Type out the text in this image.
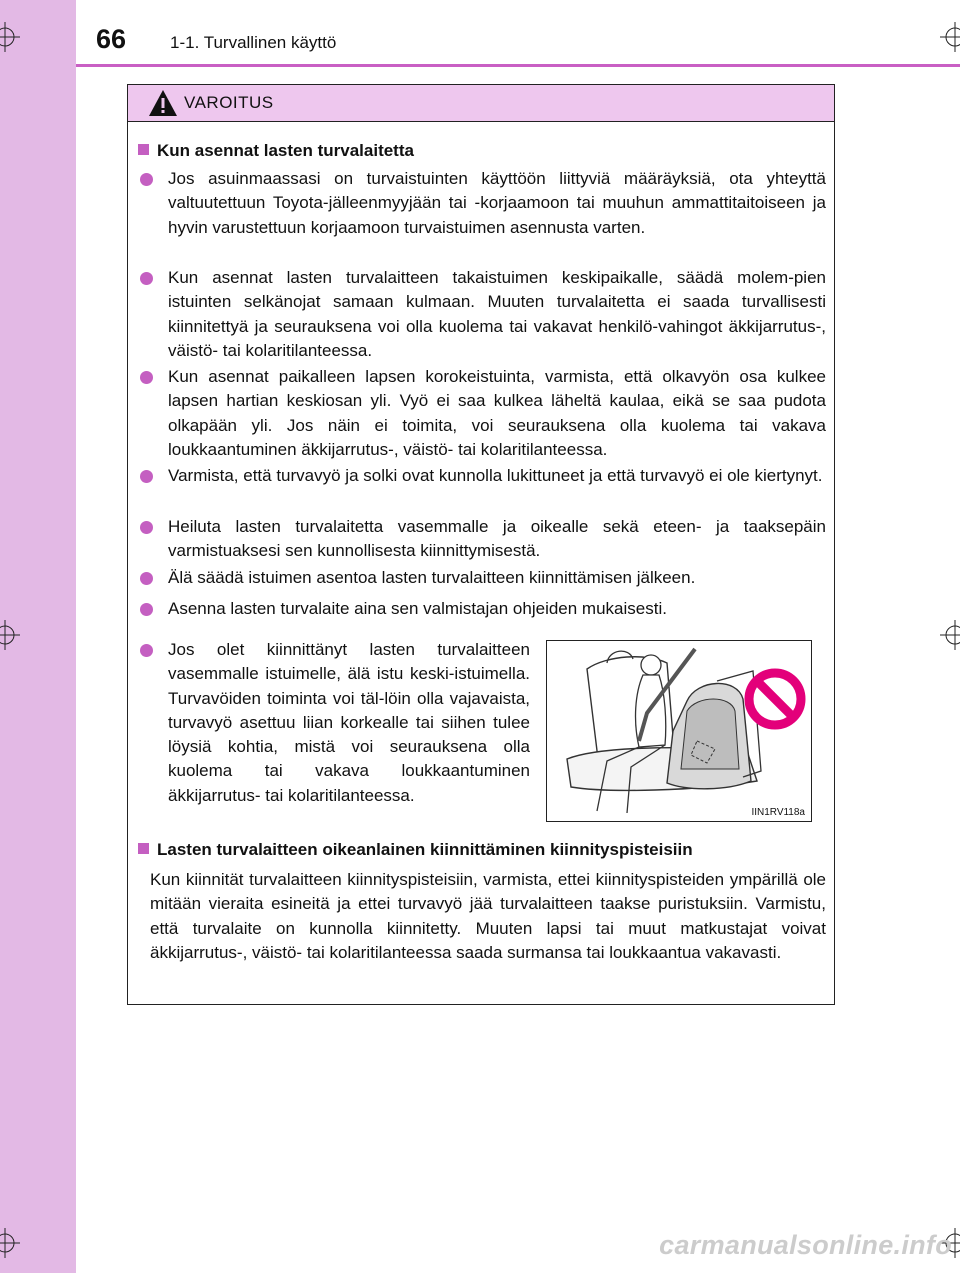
66	1-1. Turvallinen käyttö
VAROITUS
Kun asennat lasten turvalaitetta
Jos asuinmaassasi on turvaistuinten käyttöön liittyviä määräyksiä, ota yhteyttä valtuutettuun Toyota-jälleenmyyjään tai -korjaamoon tai muuhun ammattitaitoiseen ja hyvin varustettuun korjaamoon turvaistuimen asennusta varten.
Kun asennat lasten turvalaitteen takaistuimen keskipaikalle, säädä molem-pien istuinten selkänojat samaan kulmaan. Muuten turvalaitetta ei saada turvallisesti kiinnitettyä ja seurauksena voi olla kuolema tai vakavat henkilö-vahingot äkkijarrutus-, väistö- tai kolaritilanteessa.
Kun asennat paikalleen lapsen korokeistuinta, varmista, että olkavyön osa kulkee lapsen hartian keskiosan yli. Vyö ei saa kulkea läheltä kaulaa, eikä se saa pudota olkapään yli. Jos näin ei toimita, voi seurauksena olla kuolema tai vakava loukkaantuminen äkkijarrutus-, väistö- tai kolaritilanteessa.
Varmista, että turvavyö ja solki ovat kunnolla lukittuneet ja että turvavyö ei ole kiertynyt.
Heiluta lasten turvalaitetta vasemmalle ja oikealle sekä eteen- ja taaksepäin varmistuaksesi sen kunnollisesta kiinnittymisestä.
Älä säädä istuimen asentoa lasten turvalaitteen kiinnittämisen jälkeen.
Asenna lasten turvalaite aina sen valmistajan ohjeiden mukaisesti.
Jos olet kiinnittänyt lasten turvalaitteen vasemmalle istuimelle, älä istu keski-istuimella. Turvavöiden toiminta voi täl-löin olla vajavaista, turvavyö asettuu liian korkealle tai siihen tulee löysiä kohtia, mistä voi seurauksena olla kuolema tai vakava loukkaantuminen äkkijarrutus- tai kolaritilanteessa.
IIN1RV118a
Lasten turvalaitteen oikeanlainen kiinnittäminen kiinnityspisteisiin
Kun kiinnität turvalaitteen kiinnityspisteisiin, varmista, ettei kiinnityspisteiden ympärillä ole mitään vieraita esineitä ja ettei turvavyö jää turvalaitteen taakse puristuksiin. Varmistu, että turvalaite on kunnolla kiinnitetty. Muuten lapsi tai muut matkustajat voivat äkkijarrutus-, väistö- tai kolaritilanteessa saada surmansa tai loukkaantua vakavasti.
carmanualsonline.info
